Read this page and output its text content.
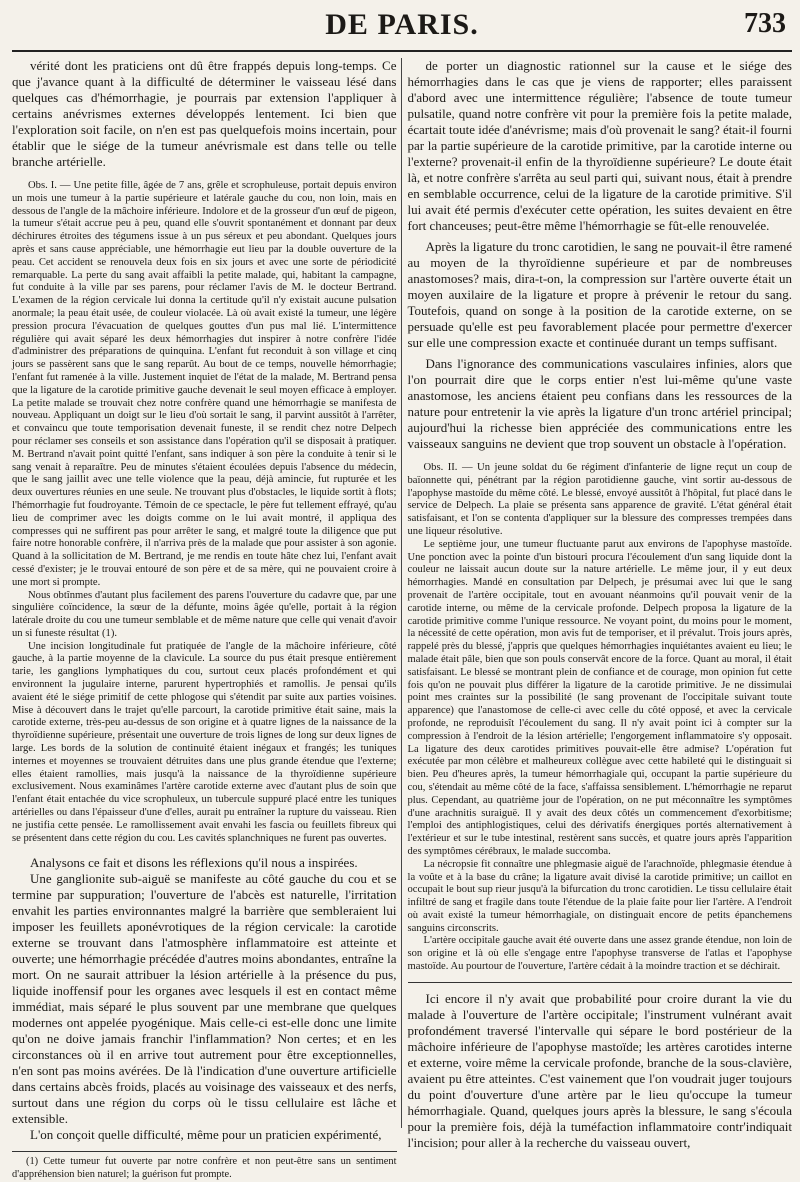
DE PARIS.	733

vérité dont les praticiens ont dû être frappés depuis long-temps. Ce que j'avance quant à la difficulté de déterminer le vaisseau lésé dans quelques cas d'hémorrhagie, je pourrais par extension l'appliquer à certains anévrismes externes développés lentement. Ici bien que l'exploration soit facile, on n'en est pas quelquefois moins incertain, pour établir que le siége de la tumeur anévrismale est dans telle ou telle branche artérielle.

Obs. I. — Une petite fille, âgée de 7 ans, grêle et scrophuleuse, portait depuis environ un mois une tumeur à la partie supérieure et latérale gauche du cou, non loin, mais en dessous de l'angle de la mâchoire inférieure. Indolore et de la grosseur d'un œuf de pigeon, la tumeur s'était accrue peu à peu, quand elle s'ouvrit spontanément et donnant par deux déchirures étroites des tégumens issue à un pus séreux et peu abondant. Quelques jours après et sans cause appréciable, une hémorrhagie eut lieu par la double ouverture de la peau. Cet accident se renouvela deux fois en six jours et avec une sorte de périodicité remarquable. La perte du sang avait affaibli la petite malade, qui, habitant la campagne, fut conduite à la ville par ses parens, pour réclamer l'avis de M. le docteur Bertrand. L'examen de la région cervicale lui donna la certitude qu'il n'y existait aucune pulsation anormale; la peau était usée, de couleur violacée. Là où avait existé la tumeur, une légère pression procura l'évacuation de quelques gouttes d'un pus mal lié. L'intermittence régulière qui avait séparé les deux hémorrhagies dut inspirer à notre confrère l'idée d'administrer des préparations de quinquina. L'enfant fut reconduit à son village et cinq jours se passèrent sans que le sang reparût. Au bout de ce temps, nouvelle hémorrhagie; l'enfant fut ramenée à la ville. Justement inquiet de l'état de la malade, M. Bertrand pensa que la ligature de la carotide primitive gauche devenait le seul moyen efficace à employer. La petite malade se trouvait chez notre confrère quand une hémorrhagie se manifesta de nouveau. Appliquant un doigt sur le lieu d'où sortait le sang, il parvint aussitôt à l'arrêter, et convaincu que toute temporisation devenait funeste, il se rendit chez notre Delpech pour réclamer ses conseils et son assistance dans l'opération qu'il se disposait à pratiquer. M. Bertrand n'avait point quitté l'enfant, sans indiquer à son père la conduite à tenir si le sang venait à reparaître. Peu de minutes s'étaient écoulées depuis l'absence du médecin, que le sang jaillit avec une telle violence que la peau, déjà amincie, fut rupturée et les deux ouvertures réunies en une seule. Ne trouvant plus d'obstacles, le liquide sortit à flots; l'hémorrhagie fut foudroyante. Témoin de ce spectacle, le père fut tellement effrayé, qu'au lieu de comprimer avec les doigts comme on le lui avait montré, il appliqua des compresses qui ne suffirent pas pour arrêter le sang, et malgré toute la diligence que put faire notre honorable confrère, il n'arriva près de la malade que pour assister à son agonie. Quand à la sollicitation de M. Bertrand, je me rendis en toute hâte chez lui, l'enfant avait cessé d'exister; je le trouvai entouré de son père et de sa mère, qui ne pouvaient croire à une mort si prompte.

Nous obtînmes d'autant plus facilement des parens l'ouverture du cadavre que, par une singulière coïncidence, la sœur de la défunte, moins âgée qu'elle, portait à la région latérale droite du cou une tumeur semblable et de même nature que celle qui venait d'avoir un si funeste résultat (1).

Une incision longitudinale fut pratiquée de l'angle de la mâchoire inférieure, côté gauche, à la partie moyenne de la clavicule. La source du pus était presque entièrement tarie, les ganglions lymphatiques du cou, surtout ceux placés profondément et qui environnent la jugulaire interne, parurent hypertrophiés et ramollis. Je pensai qu'ils avaient été le siége primitif de cette phlogose qui s'étendit par suite aux parties voisines. Mise à découvert dans le trajet qu'elle parcourt, la carotide primitive était saine, mais la carotide externe, très-peu au-dessus de son origine et à quatre lignes de la naissance de la thyroïdienne supérieure, présentait une ouverture de trois lignes de long sur deux lignes de large. Les bords de la solution de continuité étaient inégaux et frangés; les tuniques internes et moyennes se trouvaient détruites dans une plus grande étendue que l'externe; elles étaient ramollies, mais jusqu'à la naissance de la thyroïdienne supérieure exclusivement. Nous examinâmes l'artère carotide externe avec d'autant plus de soin que l'enfant était entachée du vice scrophuleux, un tubercule suppuré placé entre les tuniques artérielles ou dans l'épaisseur d'une d'elles, aurait pu entraîner la rupture du vaisseau. Rien ne justifia cette pensée. Le ramollissement avait envahi les fascia ou feuillets fibreux qui se présentent dans cette région du cou. Les cavités splanchniques ne furent pas ouvertes.

Analysons ce fait et disons les réflexions qu'il nous a inspirées.

Une ganglionite sub-aiguë se manifeste au côté gauche du cou et se termine par suppuration; l'ouverture de l'abcès est naturelle, l'irritation envahit les parties environnantes malgré la barrière que sembleraient lui imposer les feuillets aponévrotiques de la région cervicale: la carotide externe se trouvant dans l'atmosphère inflammatoire est atteinte et ouverte; une hémorrhagie précédée d'autres moins abondantes, entraîne la mort. On ne saurait attribuer la lésion artérielle à la présence du pus, liquide inoffensif pour les organes avec lesquels il est en contact même immédiat, mais séparé le plus souvent par une membrane que quelques modernes ont appelée pyogénique. Mais celle-ci est-elle donc une limite qu'on ne doive jamais franchir l'inflammation? Non certes; et en les circonstances où il en arrive tout autrement pour être exceptionnelles, n'en sont pas moins avérées. De là l'indication d'une ouverture artificielle dans certains abcès froids, placés au voisinage des vaisseaux et des nerfs, surtout dans une région du corps où le tissu cellulaire est lâche et extensible.

L'on conçoit quelle difficulté, même pour un praticien expérimenté,

(1) Cette tumeur fut ouverte par notre confrère et non peut-être sans un sentiment d'appréhension bien naturel; la guérison fut prompte.

de porter un diagnostic rationnel sur la cause et le siége des hémorrhagies dans le cas que je viens de rapporter; elles paraissent d'abord avec une intermittence régulière; l'absence de toute tumeur pulsatile, quand notre confrère vit pour la première fois la petite malade, écartait toute idée d'anévrisme; mais d'où provenait le sang? était-il fourni par la partie supérieure de la carotide primitive, par la carotide interne ou l'externe? provenait-il enfin de la thyroïdienne supérieure? Le doute était là, et notre confrère s'arrêta au seul parti qui, suivant nous, était à prendre en semblable occurrence, celui de la ligature de la carotide primitive. S'il lui avait été permis d'exécuter cette opération, les suites devaient en être fort chanceuses; peut-être même l'hémorrhagie se fût-elle renouvelée.

Après la ligature du tronc carotidien, le sang ne pouvait-il être ramené au moyen de la thyroïdienne supérieure et par de nombreuses anastomoses? mais, dira-t-on, la compression sur l'artère ouverte était un moyen auxilaire de la ligature et propre à prévenir le retour du sang. Toutefois, quand on songe à la position de la carotide externe, on se persuade qu'elle est peu favorablement placée pour permettre d'exercer sur elle une compression exacte et continuée durant un temps suffisant.

Dans l'ignorance des communications vasculaires infinies, alors que l'on pourrait dire que le corps entier n'est lui-même qu'une vaste anastomose, les anciens étaient peu confians dans les ressources de la nature pour entretenir la vie après la ligature d'un tronc artériel principal; aujourd'hui la richesse bien appréciée des communications entre les vaisseaux sanguins ne devient que trop souvent un obstacle à l'opération.

Obs. II. — Un jeune soldat du 6e régiment d'infanterie de ligne reçut un coup de baïonnette qui, pénétrant par la région parotidienne gauche, vint sortir au-dessous de l'apophyse mastoïde du même côté. Le blessé, envoyé aussitôt à l'hôpital, fut placé dans le service de Delpech. La plaie se présenta sans apparence de gravité. L'état général était satisfaisant, et l'on se contenta d'appliquer sur la blessure des compresses trempées dans une liqueur résolutive.

Le septième jour, une tumeur fluctuante parut aux environs de l'apophyse mastoïde. Une ponction avec la pointe d'un bistouri procura l'écoulement d'un sang liquide dont la couleur ne laissait aucun doute sur la nature artérielle. Le même jour, il y eut deux hémorrhagies. Mandé en consultation par Delpech, je présumai avec lui que le sang provenait de l'artère occipitale, tout en avouant néanmoins qu'il pouvait venir de la carotide interne, ou même de la cervicale profonde. Delpech proposa la ligature de la carotide primitive comme l'unique ressource. Ne voyant point, du moins pour le moment, la nécessité de cette opération, mon avis fut de temporiser, et il prévalut. Trois jours après, rappelé près du blessé, j'appris que quelques hémorrhagies inquiétantes avaient eu lieu; le malade était pâle, bien que son pouls conservât encore de la force. Quant au moral, il était satisfaisant. Le blessé se montrant plein de confiance et de courage, mon opinion fut cette fois qu'on ne pouvait plus différer la ligature de la carotide primitive. Je ne dissimulai point mes craintes sur la possibilité (le sang provenant de l'occipitale suivant toute apparence) que l'anastomose de celle-ci avec celle du côté opposé, et avec la cervicale profonde, ne reproduisît l'écoulement du sang. Il n'y avait point ici à compter sur la compression à l'endroit de la lésion artérielle; l'engorgement inflammatoire s'y opposait. La ligature des deux carotides primitives pouvait-elle être admise? L'opération fut exécutée par mon célèbre et malheureux collègue avec cette habileté qui le distinguait si bien. Peu d'heures après, la tumeur hémorrhagiale qui, occupant la partie supérieure du cou, s'étendait au même côté de la face, s'affaissa sensiblement. L'hémorrhagie ne reparut plus. Cependant, au quatrième jour de l'opération, on ne put méconnaître les symptômes d'une arachnitis suraiguë. Il y avait des deux côtés un commencement d'exorbitisme; l'emploi des antiphlogistiques, celui des dérivatifs énergiques portés alternativement à l'extérieur et sur le tube intestinal, restèrent sans succès, et quatre jours après l'apparition des symptômes cérébraux, le malade succomba.

La nécropsie fit connaître une phlegmasie aiguë de l'arachnoïde, phlegmasie étendue à la voûte et à la base du crâne; la ligature avait divisé la carotide primitive; un caillot en occupait le bout sup rieur jusqu'à la bifurcation du tronc carotidien. Le tissu cellulaire était infiltré de sang et fragile dans toute l'étendue de la plaie faite pour lier l'artère. A l'endroit où avait existé la tumeur hémorrhagiale, on distinguait encore de petits épanchemens sanguins circonscrits.

L'artère occipitale gauche avait été ouverte dans une assez grande étendue, non loin de son origine et là où elle s'engage entre l'apophyse transverse de l'atlas et l'apophyse mastoïde. Au pourtour de l'ouverture, l'artère cédait à la moindre traction et se déchirait.

Ici encore il n'y avait que probabilité pour croire durant la vie du malade à l'ouverture de l'artère occipitale; l'instrument vulnérant avait profondément traversé l'intervalle qui sépare le bord postérieur de la mâchoire inférieure de l'apophyse mastoïde; les artères carotides interne et externe, voire même la cervicale profonde, branche de la sous-clavière, avaient pu être atteintes. C'est vainement que l'on voudrait juger toujours du point d'ouverture d'une artère par le lieu qu'occupe la tumeur hémorrhagiale. Quand, quelques jours après la blessure, le sang s'écoula pour la première fois, déjà la tuméfaction inflammatoire contr'indiquait l'incision; pour aller à la recherche du vaisseau ouvert,
